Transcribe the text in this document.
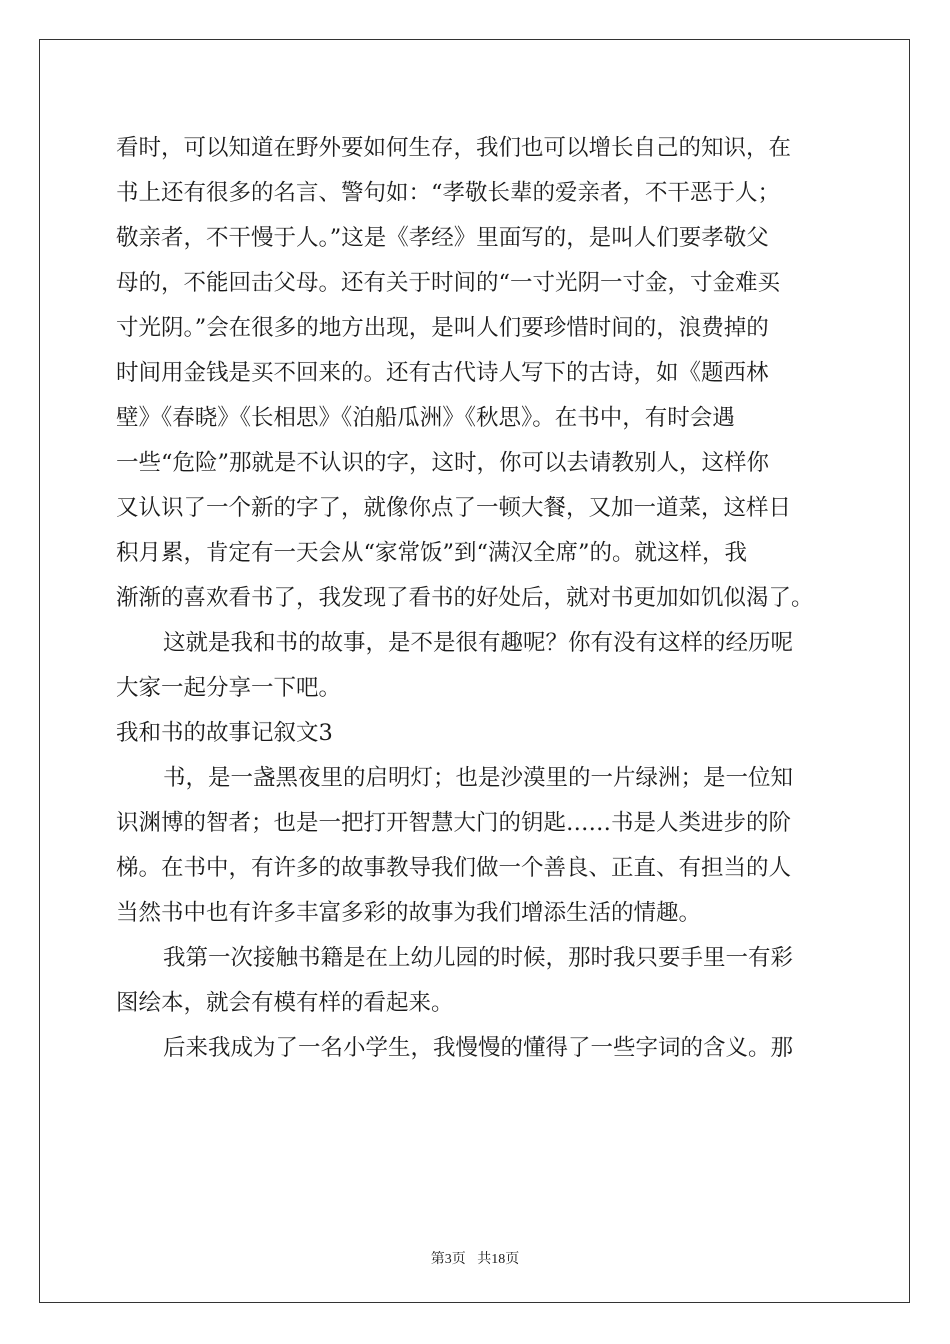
看时，可以知道在野外要如何生存，我们也可以增长自己的知识，在
书上还有很多的名言、警句如：“孝敬长辈的爱亲者，不干恶于人；
敬亲者，不干慢于人。”这是《孝经》里面写的，是叫人们要孝敬父
母的，不能回击父母。还有关于时间的“一寸光阴一寸金，寸金难买
寸光阴。”会在很多的地方出现，是叫人们要珍惜时间的，浪费掉的
时间用金钱是买不回来的。还有古代诗人写下的古诗，如《题西林
壁》《春晓》《长相思》《泊船瓜洲》《秋思》。在书中，有时会遇
一些“危险”那就是不认识的字，这时，你可以去请教别人，这样你
又认识了一个新的字了，就像你点了一顿大餐，又加一道菜，这样日
积月累，肯定有一天会从“家常饭”到“满汉全席”的。就这样，我
渐渐的喜欢看书了，我发现了看书的好处后，就对书更加如饥似渴了。
这就是我和书的故事，是不是很有趣呢？你有没有这样的经历呢
大家一起分享一下吧。
我和书的故事记叙文3
书，是一盏黑夜里的启明灯；也是沙漠里的一片绿洲；是一位知
识渊博的智者；也是一把打开智慧大门的钥匙……书是人类进步的阶
梯。在书中，有许多的故事教导我们做一个善良、正直、有担当的人
当然书中也有许多丰富多彩的故事为我们增添生活的情趣。
我第一次接触书籍是在上幼儿园的时候，那时我只要手里一有彩
图绘本，就会有模有样的看起来。
后来我成为了一名小学生，我慢慢的懂得了一些字词的含义。那
第3页 共18页
